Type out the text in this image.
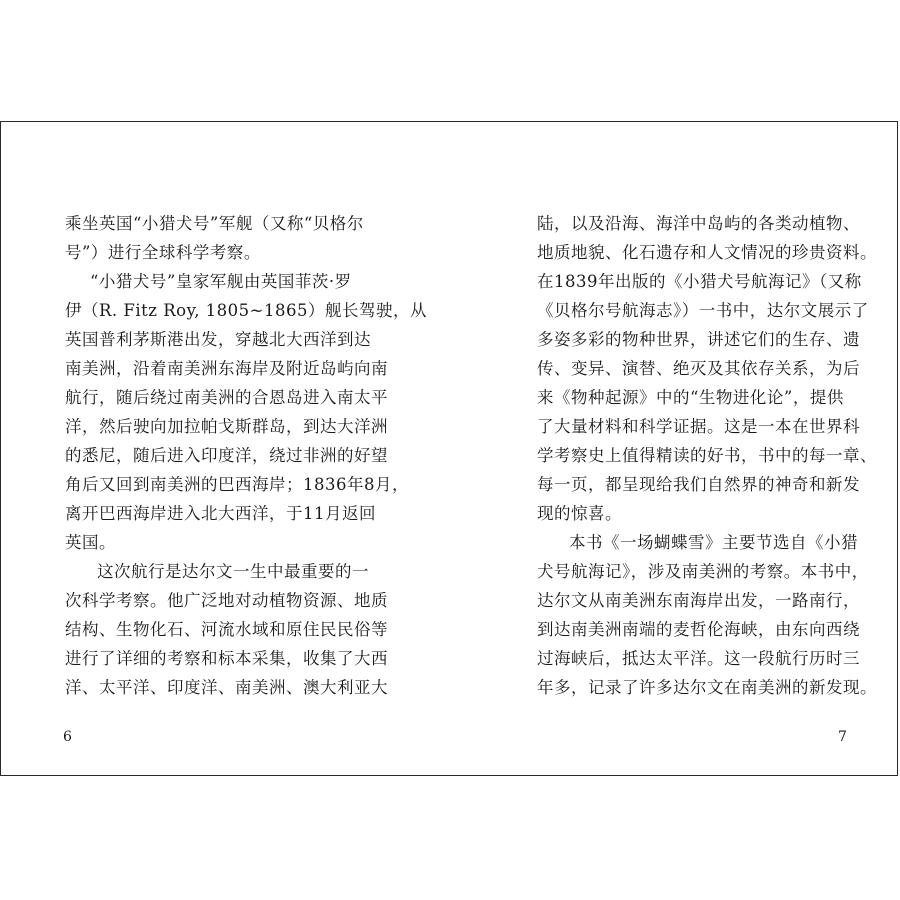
乘坐英国“小猎犬号”军舰（又称“贝格尔
号”）进行全球科学考察。
“小猎犬号”皇家军舰由英国菲茨·罗
伊（R. Fitz Roy, 1805~1865）舰长驾驶，从
英国普利茅斯港出发，穿越北大西洋到达
南美洲，沿着南美洲东海岸及附近岛屿向南
航行，随后绕过南美洲的合恩岛进入南太平
洋，然后驶向加拉帕戈斯群岛，到达大洋洲
的悉尼，随后进入印度洋，绕过非洲的好望
角后又回到南美洲的巴西海岸；1836年8月，
离开巴西海岸进入北大西洋，于11月返回
英国。
这次航行是达尔文一生中最重要的一
次科学考察。他广泛地对动植物资源、地质
结构、生物化石、河流水域和原住民民俗等
进行了详细的考察和标本采集，收集了大西
洋、太平洋、印度洋、南美洲、澳大利亚大
6
陆，以及沿海、海洋中岛屿的各类动植物、
地质地貌、化石遗存和人文情况的珍贵资料。
在1839年出版的《小猎犬号航海记》（又称
《贝格尔号航海志》）一书中，达尔文展示了
多姿多彩的物种世界，讲述它们的生存、遗
传、变异、演替、绝灭及其依存关系，为后
来《物种起源》中的“生物进化论”，提供
了大量材料和科学证据。这是一本在世界科
学考察史上值得精读的好书，书中的每一章、
每一页，都呈现给我们自然界的神奇和新发
现的惊喜。
本书《一场蝴蝶雪》主要节选自《小猎
犬号航海记》，涉及南美洲的考察。本书中，
达尔文从南美洲东南海岸出发，一路南行，
到达南美洲南端的麦哲伦海峡，由东向西绕
过海峡后，抵达太平洋。这一段航行历时三
年多，记录了许多达尔文在南美洲的新发现。
7
